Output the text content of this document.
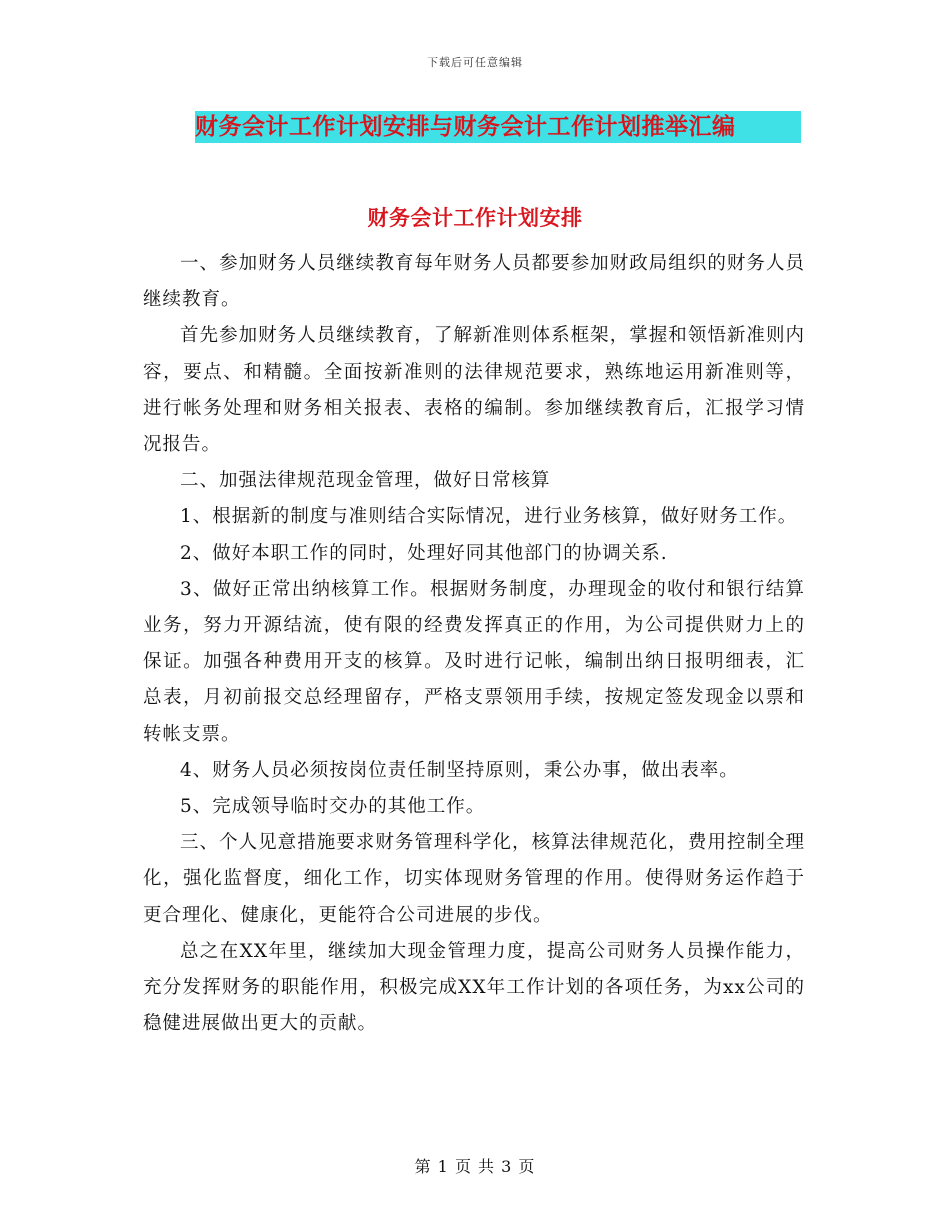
下载后可任意编辑
财务会计工作计划安排与财务会计工作计划推举汇编
财务会计工作计划安排

一、参加财务人员继续教育每年财务人员都要参加财政局组织的财务人员继续教育。

首先参加财务人员继续教育，了解新准则体系框架，掌握和领悟新准则内容，要点、和精髓。全面按新准则的法律规范要求，熟练地运用新准则等，进行帐务处理和财务相关报表、表格的编制。参加继续教育后，汇报学习情况报告。

二、加强法律规范现金管理，做好日常核算

1、根据新的制度与准则结合实际情况，进行业务核算，做好财务工作。

2、做好本职工作的同时，处理好同其他部门的协调关系.

3、做好正常出纳核算工作。根据财务制度，办理现金的收付和银行结算业务，努力开源结流，使有限的经费发挥真正的作用，为公司提供财力上的保证。加强各种费用开支的核算。及时进行记帐，编制出纳日报明细表，汇总表，月初前报交总经理留存，严格支票领用手续，按规定签发现金以票和转帐支票。

4、财务人员必须按岗位责任制坚持原则，秉公办事，做出表率。

5、完成领导临时交办的其他工作。

三、个人见意措施要求财务管理科学化，核算法律规范化，费用控制全理化，强化监督度，细化工作，切实体现财务管理的作用。使得财务运作趋于更合理化、健康化，更能符合公司进展的步伐。

总之在XX年里，继续加大现金管理力度，提高公司财务人员操作能力，充分发挥财务的职能作用，积极完成XX年工作计划的各项任务，为xx公司的稳健进展做出更大的贡献。

第 1 页 共 3 页
